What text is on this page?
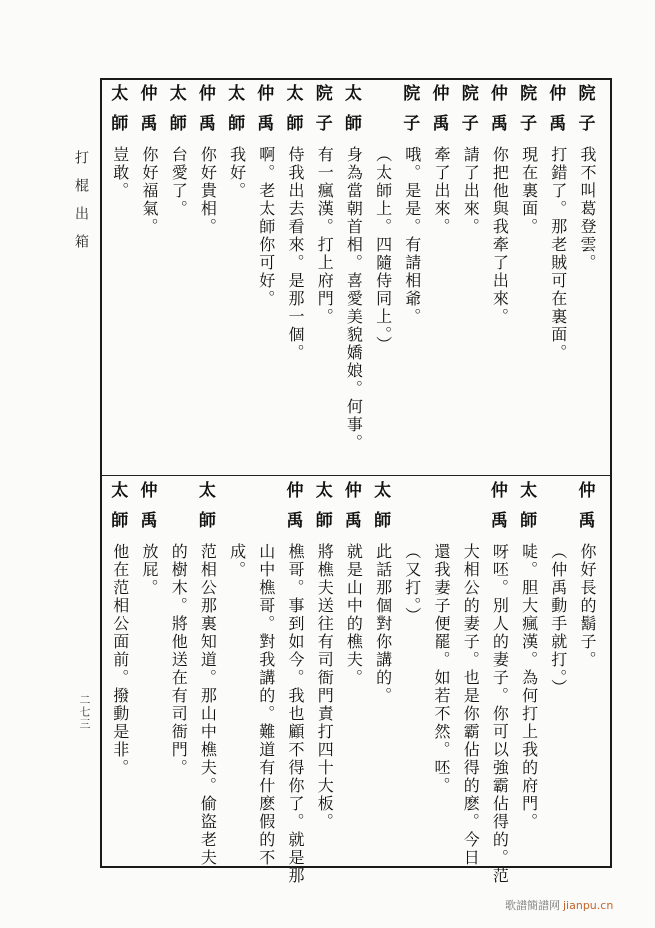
打棍出箱
二七三
院
子
我不叫葛登雲。
仲
禹
打錯了。那老賊可在裏面。
院
子
現在裏面。
仲
禹
你把他與我牽了出來。
院
子
請了出來。
仲
禹
牽了出來。
院
子
哦。是是。有請相爺。
（太師上。四隨侍同上。）
太
師
身為當朝首相。喜愛美貌嬌娘。何事。
院
子
有一瘋漢。打上府門。
太
師
侍我出去看來。是那一個。
仲
禹
啊。老太師你可好。
太
師
我好。
仲
禹
你好貴相。
太
師
台愛了。
仲
禹
你好福氣。
太
師
豈敢。
仲
禹
你好長的鬍子。
（仲禹動手就打。）
太
師
唗。胆大瘋漢。為何打上我的府門。
仲
禹
呀呸。別人的妻子。你可以強霸佔得的。范
大相公的妻子。也是你霸佔得的麽。今日
還我妻子便罷。如若不然。呸。
（又打。）
太
師
此話那個對你講的。
仲
禹
就是山中的樵夫。
太
師
將樵夫送往有司衙門責打四十大板。
仲
禹
樵哥。事到如今。我也顧不得你了。就是那
山中樵哥。對我講的。難道有什麽假的不
成。
太
師
范相公那裏知道。那山中樵夫。偷盜老夫
的樹木。將他送在有司衙門。
仲
禹
放屁。
太
師
他在范相公面前。撥動是非。
歌譜簡譜网 jianpu.cn
